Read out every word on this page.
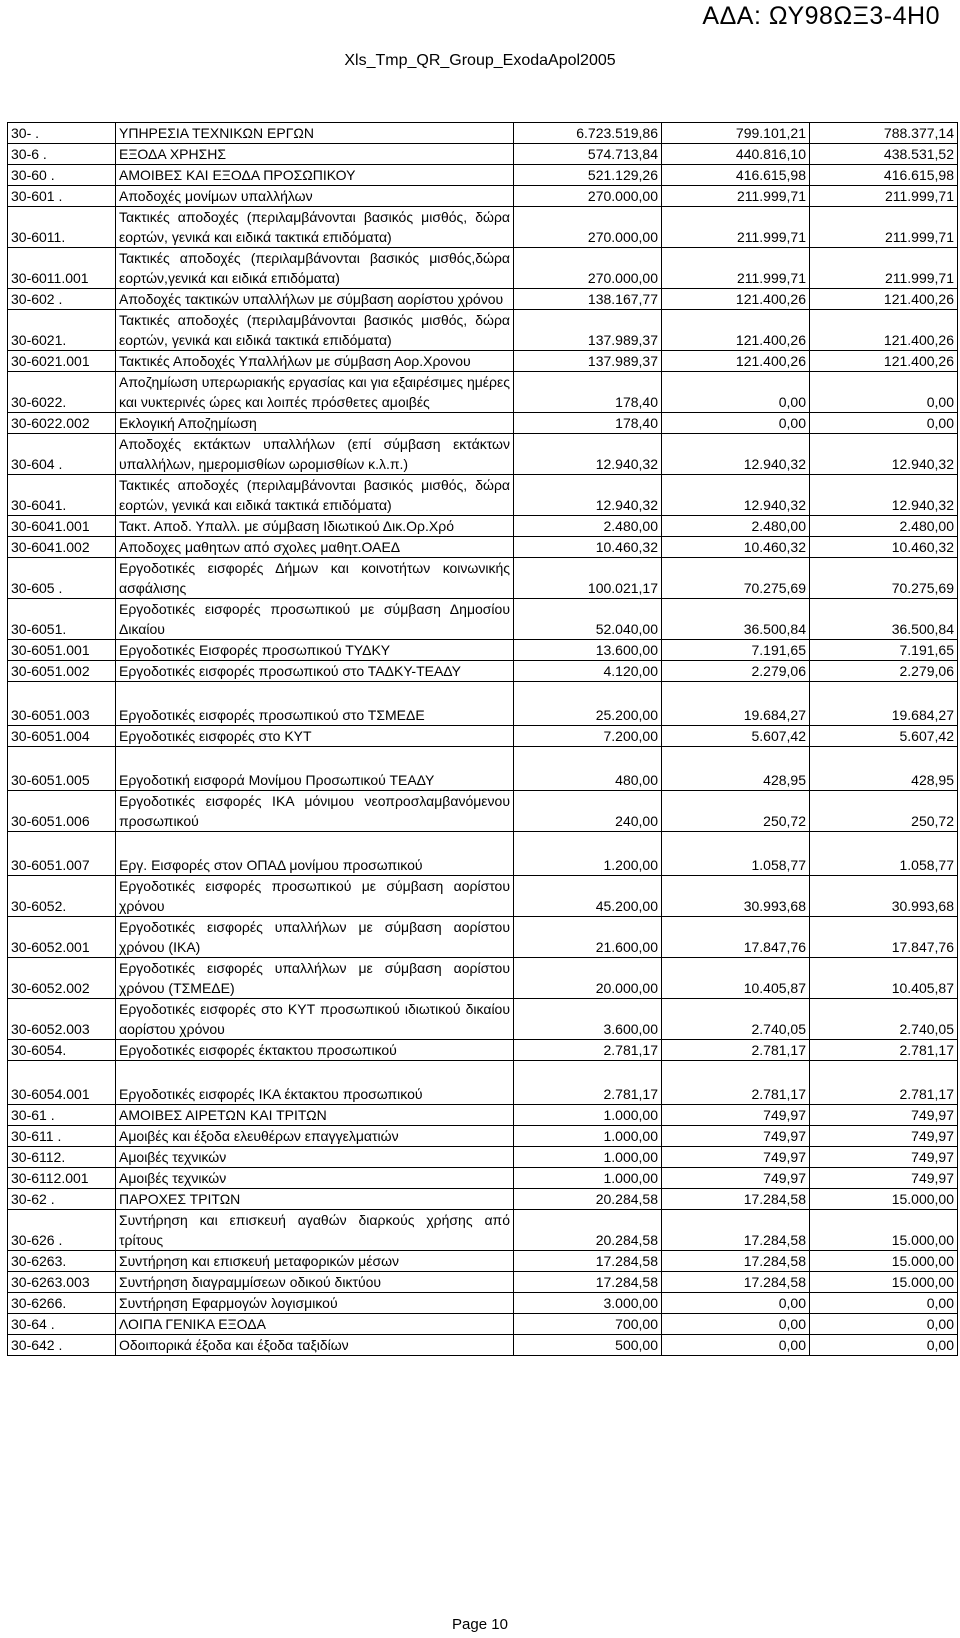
ΑΔΑ: ΩΥ98ΩΞ3-4Η0
Xls_Tmp_QR_Group_ExodaApol2005
30- .	ΥΠΗΡΕΣΙΑ ΤΕΧΝΙΚΩΝ ΕΡΓΩΝ	6.723.519,86	799.101,21	788.377,14
30-6 .	ΕΞΟΔΑ ΧΡΗΣΗΣ	574.713,84	440.816,10	438.531,52
30-60 .	ΑΜΟΙΒΕΣ ΚΑΙ ΕΞΟΔΑ ΠΡΟΣΩΠΙΚΟΥ	521.129,26	416.615,98	416.615,98
30-601 .	Αποδοχές μονίμων υπαλλήλων	270.000,00	211.999,71	211.999,71
30-6011.	Τακτικές αποδοχές (περιλαμβάνονται βασικός μισθός, δώρα εορτών, γενικά και ειδικά τακτικά επιδόματα)	270.000,00	211.999,71	211.999,71
30-6011.001	Τακτικές αποδοχές (περιλαμβάνονται βασικός μισθός,δώρα εορτών,γενικά και ειδικά επιδόματα)	270.000,00	211.999,71	211.999,71
30-602 .	Αποδοχές τακτικών υπαλλήλων με σύμβαση αορίστου χρόνου	138.167,77	121.400,26	121.400,26
30-6021.	Τακτικές αποδοχές (περιλαμβάνονται βασικός μισθός, δώρα εορτών, γενικά και ειδικά τακτικά επιδόματα)	137.989,37	121.400,26	121.400,26
30-6021.001	Τακτικές Αποδοχές Υπαλλήλων με σύμβαση Αορ.Χρονου	137.989,37	121.400,26	121.400,26
30-6022.	Αποζημίωση υπερωριακής εργασίας και για εξαιρέσιμες ημέρες και νυκτερινές ώρες και λοιπές πρόσθετες αμοιβές	178,40	0,00	0,00
30-6022.002	Εκλογική Αποζημίωση	178,40	0,00	0,00
30-604 .	Αποδοχές εκτάκτων υπαλλήλων (επί σύμβαση εκτάκτων υπαλλήλων, ημερομισθίων ωρομισθίων κ.λ.π.)	12.940,32	12.940,32	12.940,32
30-6041.	Τακτικές αποδοχές (περιλαμβάνονται βασικός μισθός, δώρα εορτών, γενικά και ειδικά τακτικά επιδόματα)	12.940,32	12.940,32	12.940,32
30-6041.001	Τακτ. Αποδ. Υπαλλ. με σύμβαση Ιδιωτικού Δικ.Ορ.Χρό	2.480,00	2.480,00	2.480,00
30-6041.002	Αποδοχες μαθητων από σχολες μαθητ.ΟΑΕΔ	10.460,32	10.460,32	10.460,32
30-605 .	Εργοδοτικές εισφορές Δήμων και κοινοτήτων κοινωνικής ασφάλισης	100.021,17	70.275,69	70.275,69
30-6051.	Εργοδοτικές εισφορές προσωπικού με σύμβαση Δημοσίου Δικαίου	52.040,00	36.500,84	36.500,84
30-6051.001	Εργοδοτικές Εισφορές προσωπικού ΤΥΔΚΥ	13.600,00	7.191,65	7.191,65
30-6051.002	Εργοδοτικές εισφορές προσωπικού στο ΤΑΔΚΥ-ΤΕΑΔΥ	4.120,00	2.279,06	2.279,06
30-6051.003	Εργοδοτικές εισφορές προσωπικού στο ΤΣΜΕΔΕ	25.200,00	19.684,27	19.684,27
30-6051.004	Εργοδοτικές εισφορές στο ΚΥΤ	7.200,00	5.607,42	5.607,42
30-6051.005	Εργοδοτική εισφορά Μονίμου Προσωπικού ΤΕΑΔΥ	480,00	428,95	428,95
30-6051.006	Εργοδοτικές εισφορές ΙΚΑ μόνιμου νεοπροσλαμβανόμενου προσωπικού	240,00	250,72	250,72
30-6051.007	Εργ. Εισφορές στον ΟΠΑΔ μονίμου προσωπικού	1.200,00	1.058,77	1.058,77
30-6052.	Εργοδοτικές εισφορές προσωπικού με σύμβαση αορίστου χρόνου	45.200,00	30.993,68	30.993,68
30-6052.001	Εργοδοτικές εισφορές υπαλλήλων με σύμβαση αορίστου χρόνου (ΙΚΑ)	21.600,00	17.847,76	17.847,76
30-6052.002	Εργοδοτικές εισφορές υπαλλήλων με σύμβαση αορίστου χρόνου (ΤΣΜΕΔΕ)	20.000,00	10.405,87	10.405,87
30-6052.003	Εργοδοτικές εισφορές στο ΚΥΤ προσωπικού ιδιωτικού δικαίου αορίστου χρόνου	3.600,00	2.740,05	2.740,05
30-6054.	Εργοδοτικές εισφορές έκτακτου προσωπικού	2.781,17	2.781,17	2.781,17
30-6054.001	Εργοδοτικές εισφορές ΙΚΑ έκτακτου προσωπικού	2.781,17	2.781,17	2.781,17
30-61 .	ΑΜΟΙΒΕΣ ΑΙΡΕΤΩΝ ΚΑΙ ΤΡΙΤΩΝ	1.000,00	749,97	749,97
30-611 .	Αμοιβές και έξοδα ελευθέρων επαγγελματιών	1.000,00	749,97	749,97
30-6112.	Αμοιβές τεχνικών	1.000,00	749,97	749,97
30-6112.001	Αμοιβές τεχνικών	1.000,00	749,97	749,97
30-62 .	ΠΑΡΟΧΕΣ ΤΡΙΤΩΝ	20.284,58	17.284,58	15.000,00
30-626 .	Συντήρηση και επισκευή αγαθών διαρκούς χρήσης από τρίτους	20.284,58	17.284,58	15.000,00
30-6263.	Συντήρηση και επισκευή μεταφορικών μέσων	17.284,58	17.284,58	15.000,00
30-6263.003	Συντήρηση διαγραμμίσεων οδικού δικτύου	17.284,58	17.284,58	15.000,00
30-6266.	Συντήρηση Εφαρμογών λογισμικού	3.000,00	0,00	0,00
30-64 .	ΛΟΙΠΑ ΓΕΝΙΚΑ ΕΞΟΔΑ	700,00	0,00	0,00
30-642 .	Οδοιπορικά έξοδα και έξοδα ταξιδίων	500,00	0,00	0,00
Page 10
